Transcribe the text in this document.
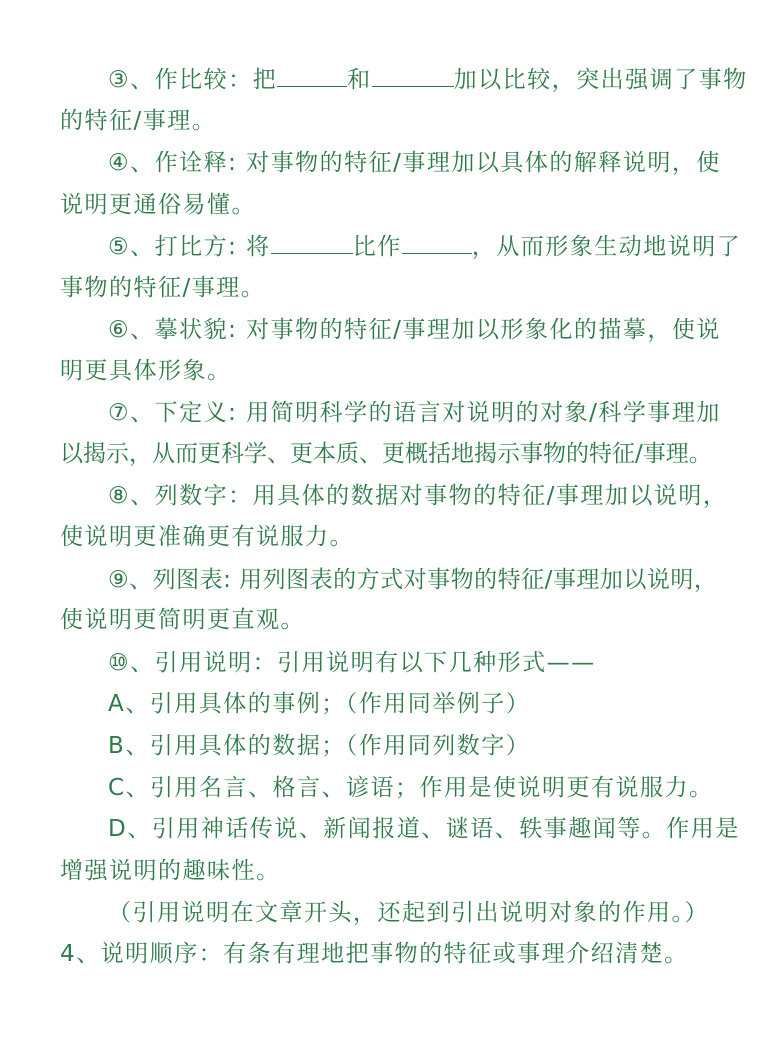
③、作比较：把	和	加以比较，突出强调了事物
的特征/事理。
④、作诠释: 对事物的特征/事理加以具体的解释说明，使
说明更通俗易懂。
⑤、打比方: 将	比作	，从而形象生动地说明了
事物的特征/事理。
⑥、摹状貌: 对事物的特征/事理加以形象化的描摹，使说
明更具体形象。
⑦、下定义: 用简明科学的语言对说明的对象/科学事理加
以揭示，从而更科学、更本质、更概括地揭示事物的特征/事理。
⑧、列数字：用具体的数据对事物的特征/事理加以说明，
使说明更准确更有说服力。
⑨、列图表: 用列图表的方式对事物的特征/事理加以说明，
使说明更简明更直观。
⑩、引用说明：引用说明有以下几种形式——
A、引用具体的事例；（作用同举例子）
B、引用具体的数据；（作用同列数字）
C、引用名言、格言、谚语；作用是使说明更有说服力。
D、引用神话传说、新闻报道、谜语、轶事趣闻等。作用是
增强说明的趣味性。
（引用说明在文章开头，还起到引出说明对象的作用。）
4、说明顺序：有条有理地把事物的特征或事理介绍清楚。
